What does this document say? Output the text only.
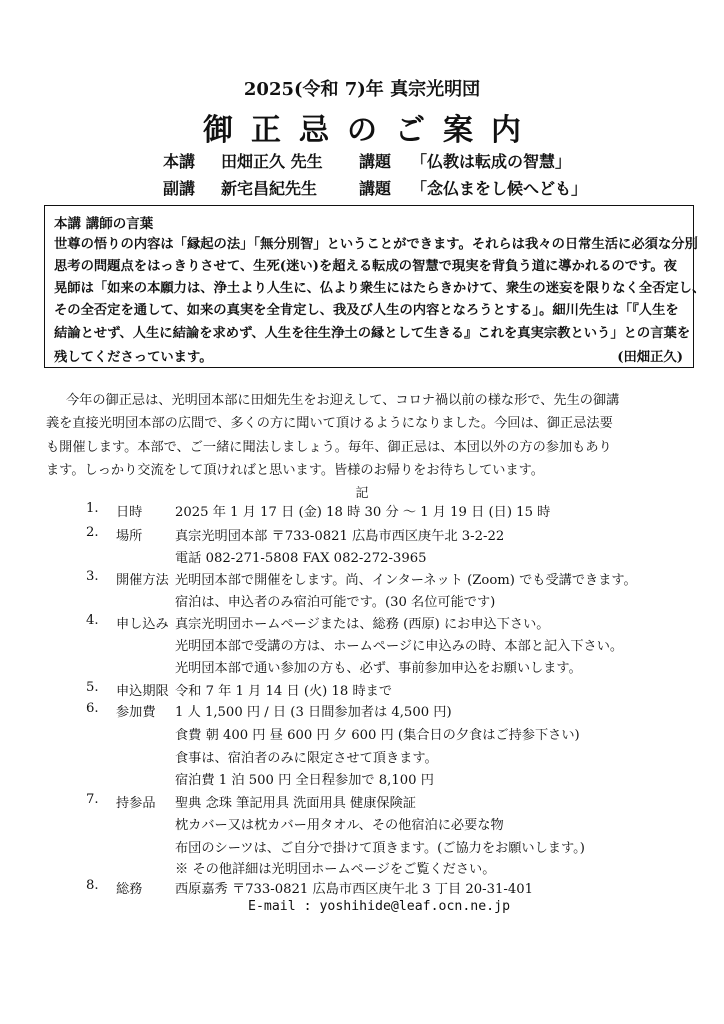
2025(令和 7)年 真宗光明団
御正忌のご案内
本講 田畑正久 先生 講題 「仏教は転成の智慧」
副講 新宅昌紀先生	講題 「念仏まをし候へども」
本講 講師の言葉
世尊の悟りの内容は「縁起の法」「無分別智」ということができます。それらは我々の日常生活に必須な分別
思考の問題点をはっきりさせて、生死(迷い)を超える転成の智慧で現実を背負う道に導かれるのです。夜
晃師は「如来の本願力は、浄土より人生に、仏より衆生にはたらきかけて、衆生の迷妄を限りなく全否定し、
その全否定を通して、如来の真実を全肯定し、我及び人生の内容となろうとする」。細川先生は「『人生を
結論とせず、人生に結論を求めず、人生を往生浄土の縁として生きる』これを真実宗教という」との言葉を
残してくださっています。	(田畑正久)
今年の御正忌は、光明団本部に田畑先生をお迎えして、コロナ禍以前の様な形で、先生の御講
義を直接光明団本部の広間で、多くの方に聞いて頂けるようになりました。今回は、御正忌法要
も開催します。本部で、ご一緒に聞法しましょう。毎年、御正忌は、本団以外の方の参加もあり
ます。しっかり交流をして頂ければと思います。皆様のお帰りをお待ちしています。
記
1. 日時 2025 年 1 月 17 日 (金) 18 時 30 分 ～ 1 月 19 日 (日) 15 時
2. 場所 真宗光明団本部 〒733-0821 広島市西区庚午北 3-2-22
電話 082-271-5808 FAX 082-272-3965
3. 開催方法 光明団本部で開催をします。尚、インターネット (Zoom) でも受講できます。
宿泊は、申込者のみ宿泊可能です。(30 名位可能です)
4. 申し込み 真宗光明団ホームページまたは、総務 (西原) にお申込下さい。
光明団本部で受講の方は、ホームページに申込みの時、本部と記入下さい。
光明団本部で通い参加の方も、必ず、事前参加申込をお願いします。
5. 申込期限 令和 7 年 1 月 14 日 (火) 18 時まで
6. 参加費 1 人 1,500 円 / 日 (3 日間参加者は 4,500 円)
食費 朝 400 円 昼 600 円 夕 600 円 (集合日の夕食はご持参下さい)
食事は、宿泊者のみに限定させて頂きます。
宿泊費 1 泊 500 円 全日程参加で 8,100 円
7. 持参品 聖典 念珠 筆記用具 洗面用具 健康保険証
枕カバー又は枕カバー用タオル、その他宿泊に必要な物
布団のシーツは、ご自分で掛けて頂きます。(ご協力をお願いします。)
※ その他詳細は光明団ホームページをご覧ください。
8. 総務 西原嘉秀 〒733-0821 広島市西区庚午北 3 丁目 20-31-401
E-mail : yoshihide@leaf.ocn.ne.jp
